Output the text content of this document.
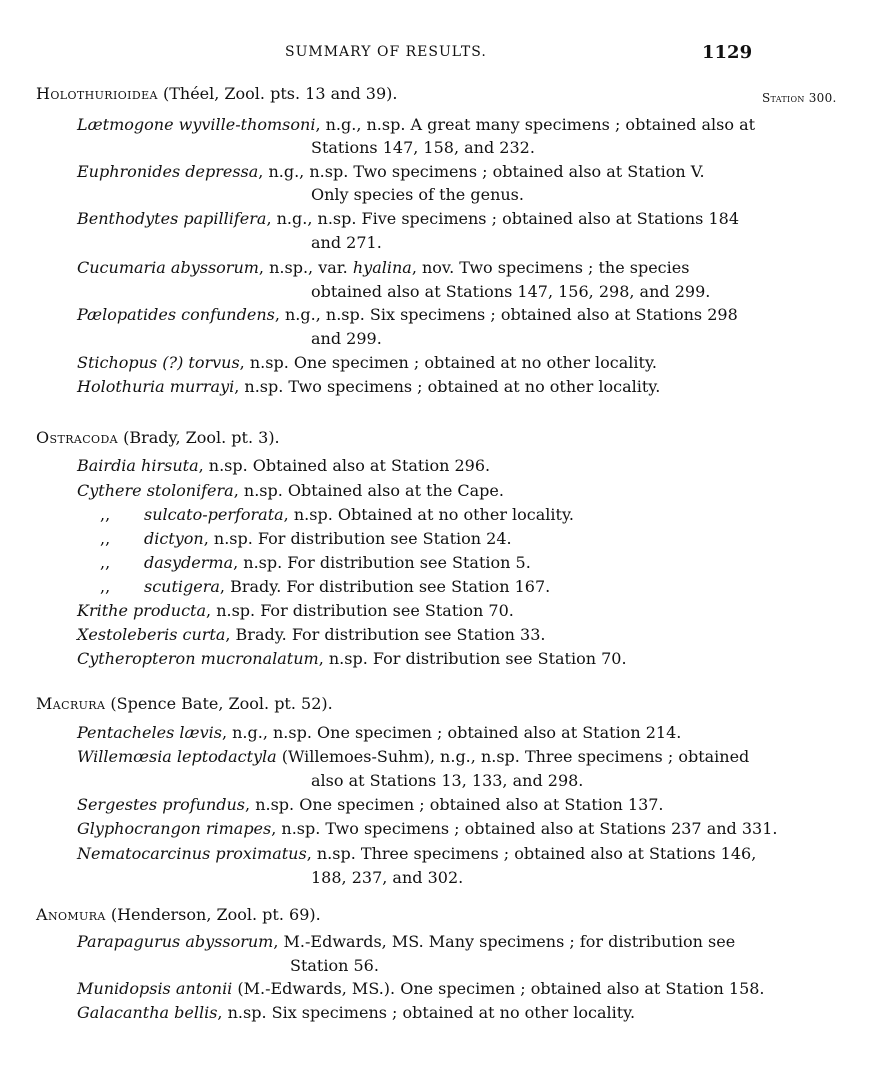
SUMMARY OF RESULTS.	1129
Station 300.
Holothurioidea (Théel, Zool. pts. 13 and 39).
Lætmogone wyville-thomsoni, n.g., n.sp. A great many specimens ; obtained also at
Stations 147, 158, and 232.
Euphronides depressa, n.g., n.sp. Two specimens ; obtained also at Station V.
Only species of the genus.
Benthodytes papillifera, n.g., n.sp. Five specimens ; obtained also at Stations 184
and 271.
Cucumaria abyssorum, n.sp., var. hyalina, nov. Two specimens ; the species
obtained also at Stations 147, 156, 298, and 299.
Pælopatides confundens, n.g., n.sp. Six specimens ; obtained also at Stations 298
and 299.
Stichopus (?) torvus, n.sp. One specimen ; obtained at no other locality.
Holothuria murrayi, n.sp. Two specimens ; obtained at no other locality.
Ostracoda (Brady, Zool. pt. 3).
Bairdia hirsuta, n.sp. Obtained also at Station 296.
Cythere stolonifera, n.sp. Obtained also at the Cape.
,, sulcato-perforata, n.sp. Obtained at no other locality.
,, dictyon, n.sp. For distribution see Station 24.
,, dasyderma, n.sp. For distribution see Station 5.
,, scutigera, Brady. For distribution see Station 167.
Krithe producta, n.sp. For distribution see Station 70.
Xestoleberis curta, Brady. For distribution see Station 33.
Cytheropteron mucronalatum, n.sp. For distribution see Station 70.
Macrura (Spence Bate, Zool. pt. 52).
Pentacheles lævis, n.g., n.sp. One specimen ; obtained also at Station 214.
Willemœsia leptodactyla (Willemoes-Suhm), n.g., n.sp. Three specimens ; obtained
also at Stations 13, 133, and 298.
Sergestes profundus, n.sp. One specimen ; obtained also at Station 137.
Glyphocrangon rimapes, n.sp. Two specimens ; obtained also at Stations 237 and 331.
Nematocarcinus proximatus, n.sp. Three specimens ; obtained also at Stations 146,
188, 237, and 302.
Anomura (Henderson, Zool. pt. 69).
Parapagurus abyssorum, M.-Edwards, MS. Many specimens ; for distribution see
Station 56.
Munidopsis antonii (M.-Edwards, MS.). One specimen ; obtained also at Station 158.
Galacantha bellis, n.sp. Six specimens ; obtained at no other locality.
